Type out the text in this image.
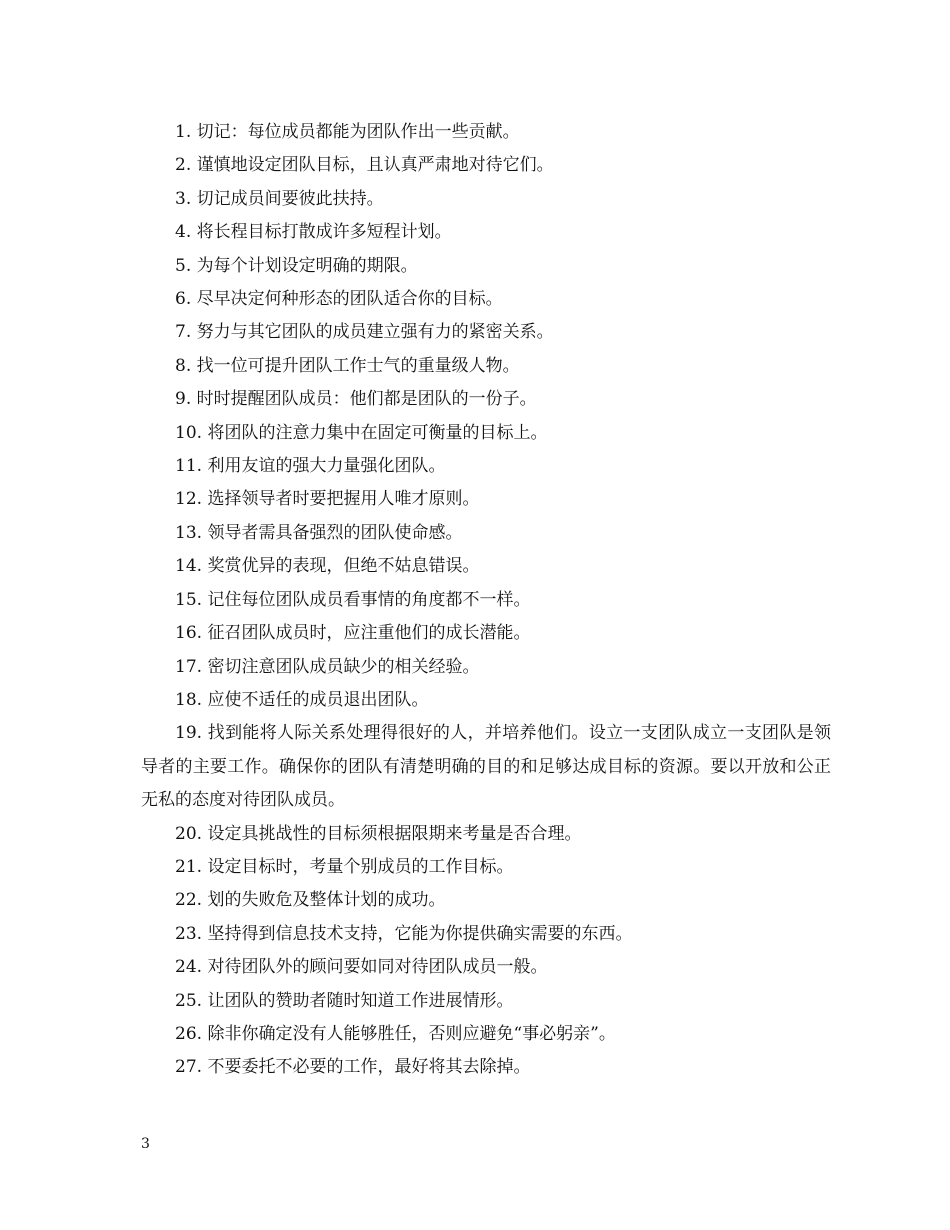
1. 切记：每位成员都能为团队作出一些贡献。

2. 谨慎地设定团队目标，且认真严肃地对待它们。

3. 切记成员间要彼此扶持。

4. 将长程目标打散成许多短程计划。

5. 为每个计划设定明确的期限。

6. 尽早决定何种形态的团队适合你的目标。

7. 努力与其它团队的成员建立强有力的紧密关系。

8. 找一位可提升团队工作士气的重量级人物。

9. 时时提醒团队成员：他们都是团队的一份子。

10. 将团队的注意力集中在固定可衡量的目标上。

11. 利用友谊的强大力量强化团队。

12. 选择领导者时要把握用人唯才原则。

13. 领导者需具备强烈的团队使命感。

14. 奖赏优异的表现，但绝不姑息错误。

15. 记住每位团队成员看事情的角度都不一样。

16. 征召团队成员时，应注重他们的成长潜能。

17. 密切注意团队成员缺少的相关经验。

18. 应使不适任的成员退出团队。

19. 找到能将人际关系处理得很好的人，并培养他们。设立一支团队成立一支团队是领导者的主要工作。确保你的团队有清楚明确的目的和足够达成目标的资源。要以开放和公正无私的态度对待团队成员。

20. 设定具挑战性的目标须根据限期来考量是否合理。

21. 设定目标时，考量个别成员的工作目标。

22. 划的失败危及整体计划的成功。

23. 坚持得到信息技术支持，它能为你提供确实需要的东西。

24. 对待团队外的顾问要如同对待团队成员一般。

25. 让团队的赞助者随时知道工作进展情形。

26. 除非你确定没有人能够胜任，否则应避免“事必躬亲”。

27. 不要委托不必要的工作，最好将其去除掉。

3
